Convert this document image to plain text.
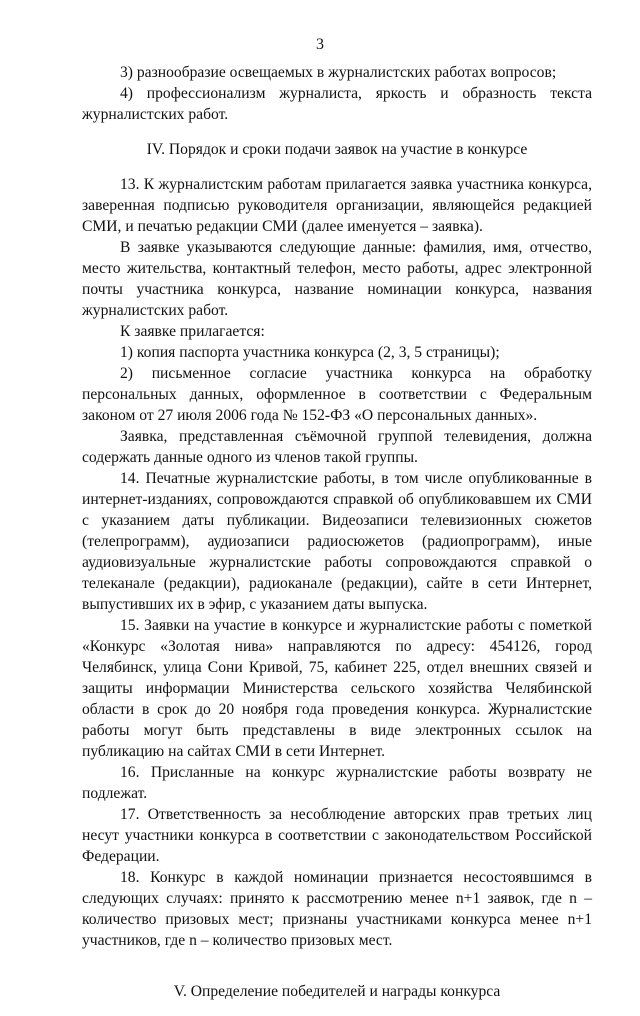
3

3) разнообразие освещаемых в журналистских работах вопросов;

4) профессионализм журналиста, яркость и образность текста журналистских работ.

IV. Порядок и сроки подачи заявок на участие в конкурсе

13. К журналистским работам прилагается заявка участника конкурса, заверенная подписью руководителя организации, являющейся редакцией СМИ, и печатью редакции СМИ (далее именуется – заявка).

В заявке указываются следующие данные: фамилия, имя, отчество, место жительства, контактный телефон, место работы, адрес электронной почты участника конкурса, название номинации конкурса, названия журналистских работ.

К заявке прилагается:

1) копия паспорта участника конкурса (2, 3, 5 страницы);

2) письменное согласие участника конкурса на обработку персональных данных, оформленное в соответствии с Федеральным законом от 27 июля 2006 года № 152-ФЗ «О персональных данных».

Заявка, представленная съёмочной группой телевидения, должна содержать данные одного из членов такой группы.

14. Печатные журналистские работы, в том числе опубликованные в интернет-изданиях, сопровождаются справкой об опубликовавшем их СМИ с указанием даты публикации. Видеозаписи телевизионных сюжетов (телепрограмм), аудиозаписи радиосюжетов (радиопрограмм), иные аудиовизуальные журналистские работы сопровождаются справкой о телеканале (редакции), радиоканале (редакции), сайте в сети Интернет, выпустивших их в эфир, с указанием даты выпуска.

15. Заявки на участие в конкурсе и журналистские работы с пометкой «Конкурс «Золотая нива» направляются по адресу: 454126, город Челябинск, улица Сони Кривой, 75, кабинет 225, отдел внешних связей и защиты информации Министерства сельского хозяйства Челябинской области в срок до 20 ноября года проведения конкурса. Журналистские работы могут быть представлены в виде электронных ссылок на публикацию на сайтах СМИ в сети Интернет.

16. Присланные на конкурс журналистские работы возврату не подлежат.

17. Ответственность за несоблюдение авторских прав третьих лиц несут участники конкурса в соответствии с законодательством Российской Федерации.

18. Конкурс в каждой номинации признается несостоявшимся в следующих случаях: принято к рассмотрению менее n+1 заявок, где n – количество призовых мест; признаны участниками конкурса менее n+1 участников, где n – количество призовых мест.

V. Определение победителей и награды конкурса
